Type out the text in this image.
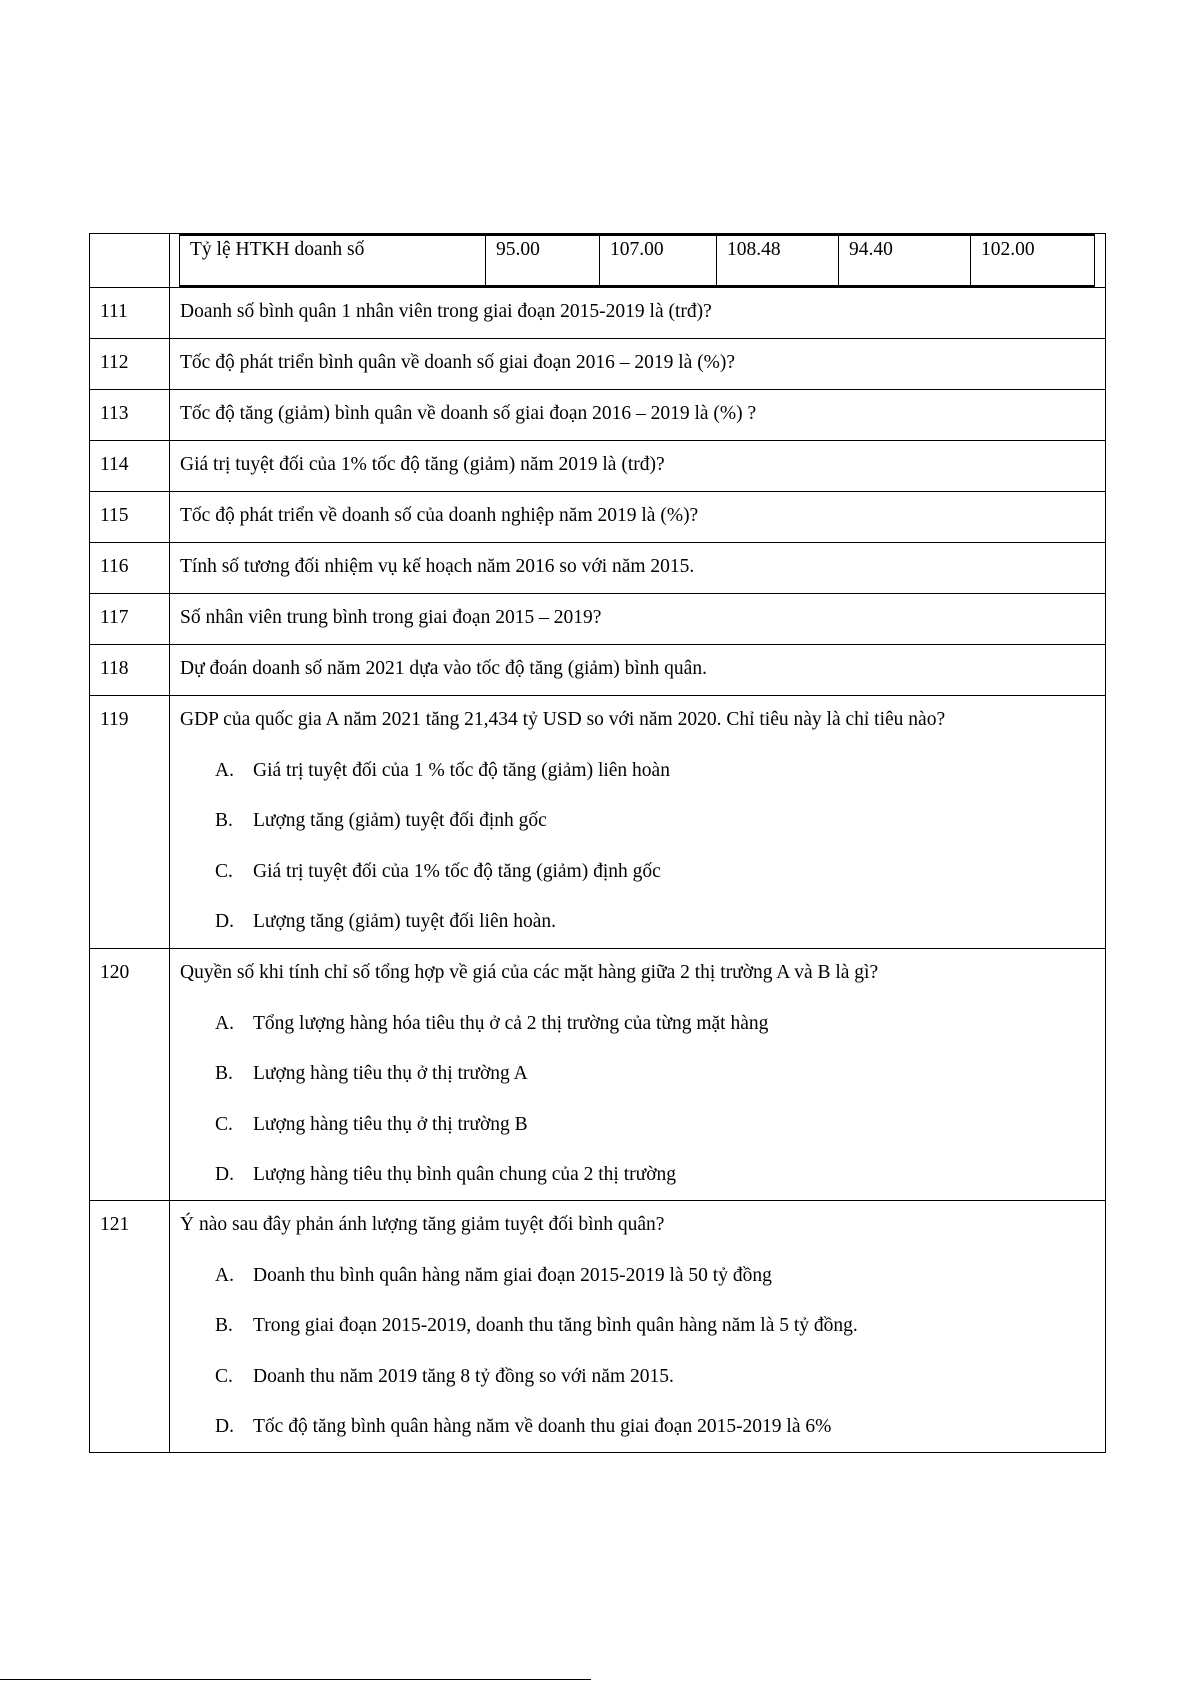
Tỷ lệ HTKH doanh số	95.00	107.00	108.48	94.40	102.00

111	Doanh số bình quân 1 nhân viên trong giai đoạn 2015-2019 là (trđ)?

112	Tốc độ phát triển bình quân về doanh số giai đoạn 2016 – 2019 là (%)?

113	Tốc độ tăng (giảm) bình quân về doanh số giai đoạn 2016 – 2019 là (%) ?

114	Giá trị tuyệt đối của 1% tốc độ tăng (giảm) năm 2019 là (trđ)?

115	Tốc độ phát triển về doanh số của doanh nghiệp năm 2019 là (%)?

116	Tính số tương đối nhiệm vụ kế hoạch năm 2016 so với năm 2015.

117	Số nhân viên trung bình trong giai đoạn 2015 – 2019?

118	Dự đoán doanh số năm 2021 dựa vào tốc độ tăng (giảm) bình quân.

119	GDP của quốc gia A năm 2021 tăng 21,434 tỷ USD so với năm 2020. Chỉ tiêu này là chỉ tiêu nào?
A. Giá trị tuyệt đối của 1 % tốc độ tăng (giảm) liên hoàn
B. Lượng tăng (giảm) tuyệt đối định gốc
C. Giá trị tuyệt đối của 1% tốc độ tăng (giảm) định gốc
D. Lượng tăng (giảm) tuyệt đối liên hoàn.

120	Quyền số khi tính chỉ số tổng hợp về giá của các mặt hàng giữa 2 thị trường A và B là gì?
A. Tổng lượng hàng hóa tiêu thụ ở cả 2 thị trường của từng mặt hàng
B. Lượng hàng tiêu thụ ở thị trường A
C. Lượng hàng tiêu thụ ở thị trường B
D. Lượng hàng tiêu thụ bình quân chung của 2 thị trường

121	Ý nào sau đây phản ánh lượng tăng giảm tuyệt đối bình quân?
A. Doanh thu bình quân hàng năm giai đoạn 2015-2019 là 50 tỷ đồng
B. Trong giai đoạn 2015-2019, doanh thu tăng bình quân hàng năm là 5 tỷ đồng.
C. Doanh thu năm 2019 tăng 8 tỷ đồng so với năm 2015.
D. Tốc độ tăng bình quân hàng năm về doanh thu giai đoạn 2015-2019 là 6%
